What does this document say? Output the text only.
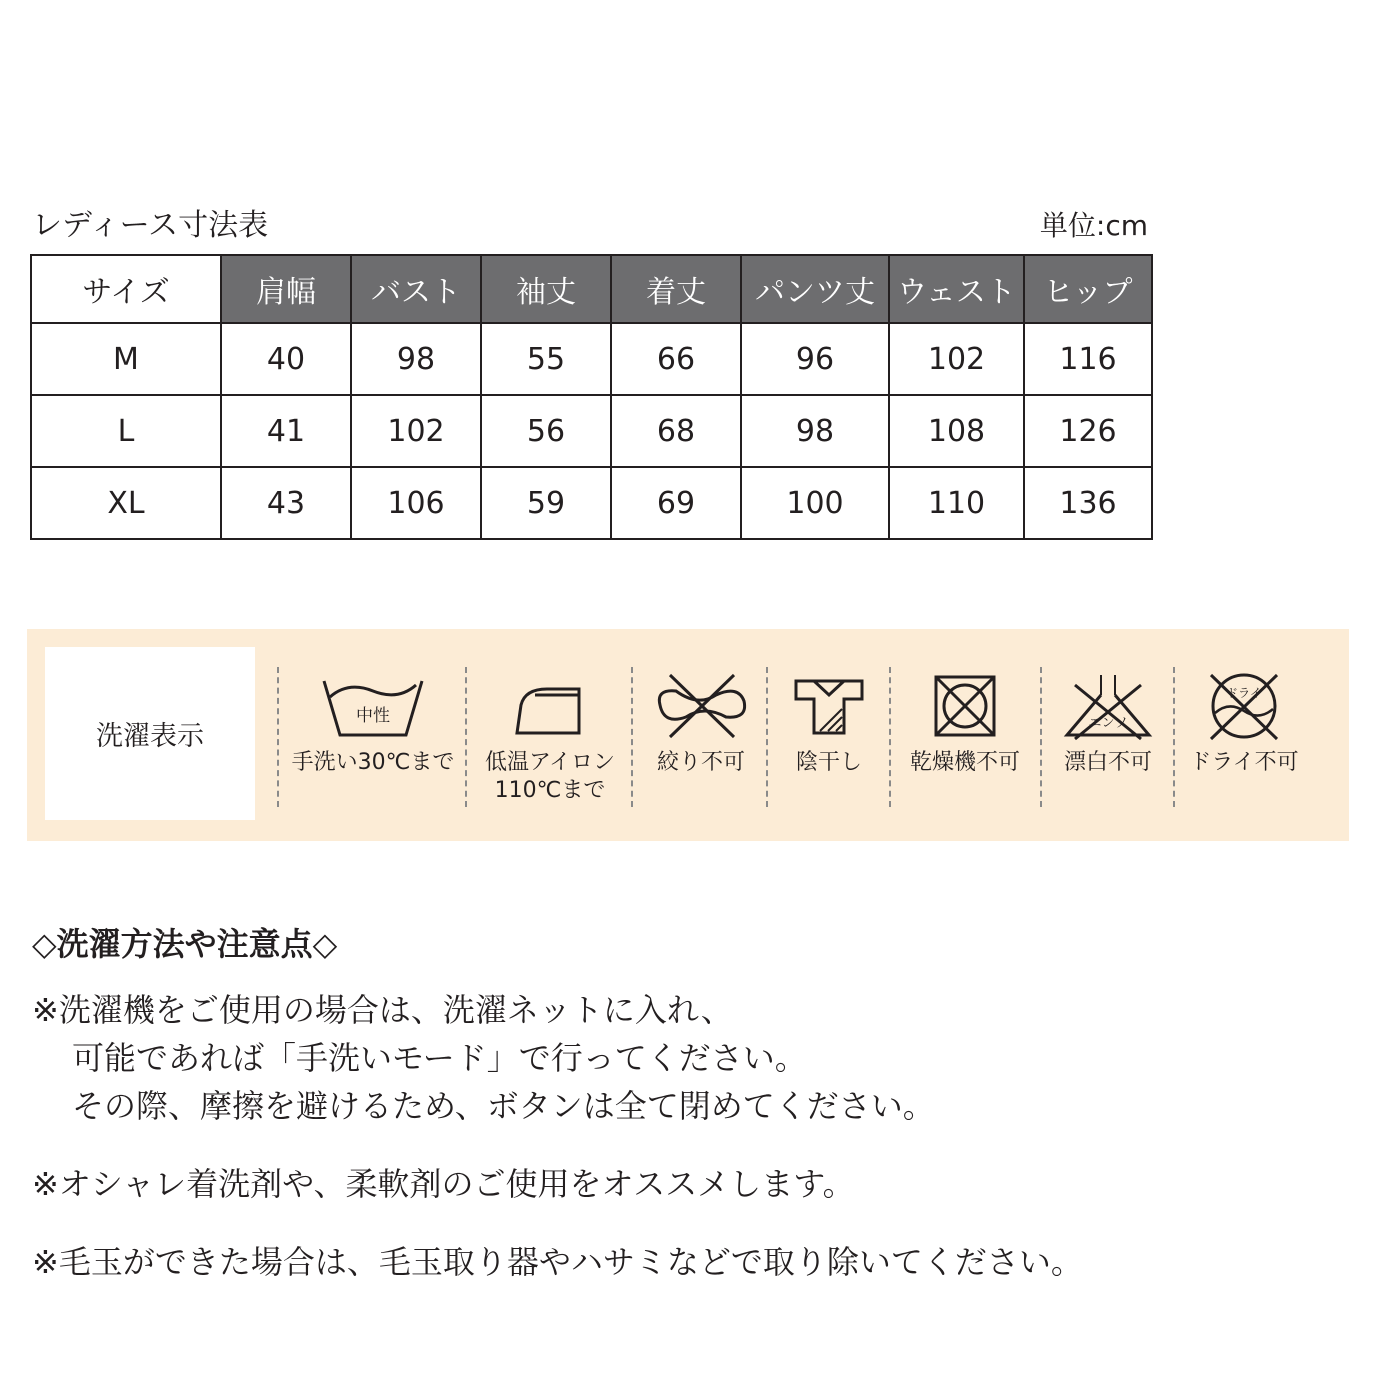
レディース寸法表	単位:cm
サイズ	肩幅	バスト	袖丈	着丈	パンツ丈	ウェスト	ヒップ
M	40	98	55	66	96	102	116
L	41	102	56	68	98	108	126
XL	43	106	59	69	100	110	136
洗濯表示
中性
手洗い30℃まで	低温アイロン
110℃まで
絞り不可	陰干し	乾燥機不可
エンソ
漂白不可
ドライ
ドライ不可
◇洗濯方法や注意点◇

※洗濯機をご使用の場合は、洗濯ネットに入れ、

可能であれば「手洗いモード」で行ってください。

その際、摩擦を避けるため、ボタンは全て閉めてください。

※オシャレ着洗剤や、柔軟剤のご使用をオススメします。

※毛玉ができた場合は、毛玉取り器やハサミなどで取り除いてください。
